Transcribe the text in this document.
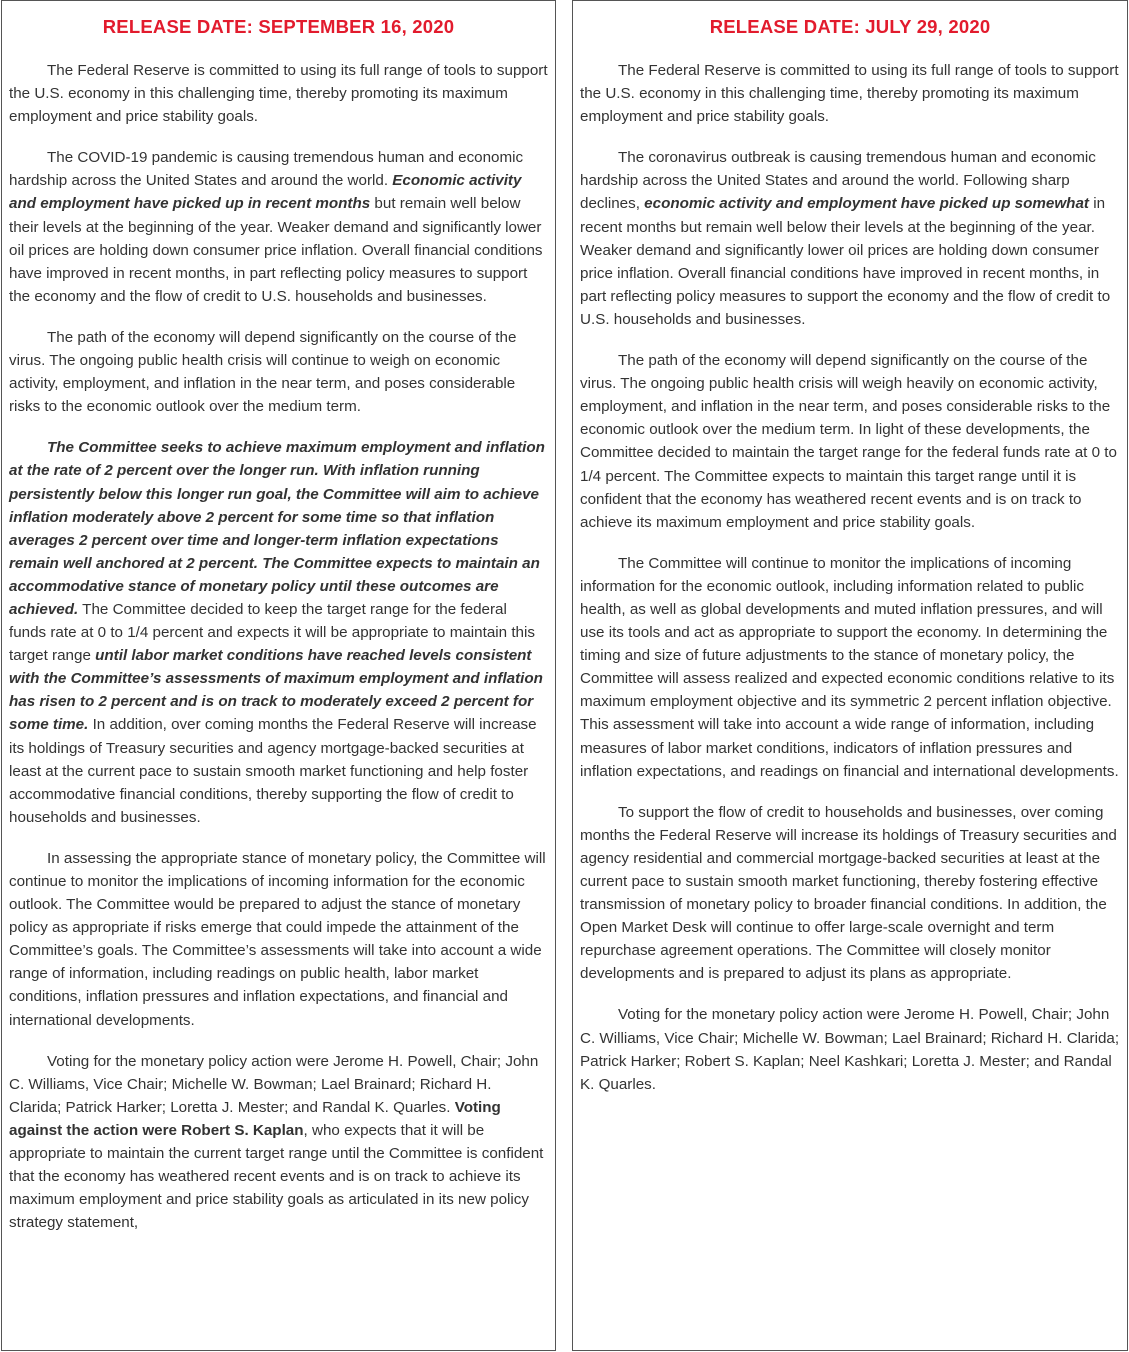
RELEASE DATE: SEPTEMBER 16, 2020

The Federal Reserve is committed to using its full range of tools to support the U.S. economy in this challenging time, thereby promoting its maximum employment and price stability goals.

The COVID-19 pandemic is causing tremendous human and economic hardship across the United States and around the world. Economic activity and employment have picked up in recent months but remain well below their levels at the beginning of the year. Weaker demand and significantly lower oil prices are holding down consumer price inflation. Overall financial conditions have improved in recent months, in part reflecting policy measures to support the economy and the flow of credit to U.S. households and businesses.

The path of the economy will depend significantly on the course of the virus. The ongoing public health crisis will continue to weigh on economic activity, employment, and inflation in the near term, and poses considerable risks to the economic outlook over the medium term.

The Committee seeks to achieve maximum employment and inflation at the rate of 2 percent over the longer run. With inflation running persistently below this longer run goal, the Committee will aim to achieve inflation moderately above 2 percent for some time so that inflation averages 2 percent over time and longer-term inflation expectations remain well anchored at 2 percent. The Committee expects to maintain an accommodative stance of monetary policy until these outcomes are achieved. The Committee decided to keep the target range for the federal funds rate at 0 to 1/4 percent and expects it will be appropriate to maintain this target range until labor market conditions have reached levels consistent with the Committee’s assessments of maximum employment and inflation has risen to 2 percent and is on track to moderately exceed 2 percent for some time. In addition, over coming months the Federal Reserve will increase its holdings of Treasury securities and agency mortgage-backed securities at least at the current pace to sustain smooth market functioning and help foster accommodative financial conditions, thereby supporting the flow of credit to households and businesses.

In assessing the appropriate stance of monetary policy, the Committee will continue to monitor the implications of incoming information for the economic outlook. The Committee would be prepared to adjust the stance of monetary policy as appropriate if risks emerge that could impede the attainment of the Committee’s goals. The Committee’s assessments will take into account a wide range of information, including readings on public health, labor market conditions, inflation pressures and inflation expectations, and financial and international developments.

Voting for the monetary policy action were Jerome H. Powell, Chair; John C. Williams, Vice Chair; Michelle W. Bowman; Lael Brainard; Richard H. Clarida; Patrick Harker; Loretta J. Mester; and Randal K. Quarles. Voting against the action were Robert S. Kaplan, who expects that it will be appropriate to maintain the current target range until the Committee is confident that the economy has weathered recent events and is on track to achieve its maximum employment and price stability goals as articulated in its new policy strategy statement,

RELEASE DATE: JULY 29, 2020

The Federal Reserve is committed to using its full range of tools to support the U.S. economy in this challenging time, thereby promoting its maximum employment and price stability goals.

The coronavirus outbreak is causing tremendous human and economic hardship across the United States and around the world. Following sharp declines, economic activity and employment have picked up somewhat in recent months but remain well below their levels at the beginning of the year. Weaker demand and significantly lower oil prices are holding down consumer price inflation. Overall financial conditions have improved in recent months, in part reflecting policy measures to support the economy and the flow of credit to U.S. households and businesses.

The path of the economy will depend significantly on the course of the virus. The ongoing public health crisis will weigh heavily on economic activity, employment, and inflation in the near term, and poses considerable risks to the economic outlook over the medium term. In light of these developments, the Committee decided to maintain the target range for the federal funds rate at 0 to 1/4 percent. The Committee expects to maintain this target range until it is confident that the economy has weathered recent events and is on track to achieve its maximum employment and price stability goals.

The Committee will continue to monitor the implications of incoming information for the economic outlook, including information related to public health, as well as global developments and muted inflation pressures, and will use its tools and act as appropriate to support the economy. In determining the timing and size of future adjustments to the stance of monetary policy, the Committee will assess realized and expected economic conditions relative to its maximum employment objective and its symmetric 2 percent inflation objective. This assessment will take into account a wide range of information, including measures of labor market conditions, indicators of inflation pressures and inflation expectations, and readings on financial and international developments.

To support the flow of credit to households and businesses, over coming months the Federal Reserve will increase its holdings of Treasury securities and agency residential and commercial mortgage-backed securities at least at the current pace to sustain smooth market functioning, thereby fostering effective transmission of monetary policy to broader financial conditions. In addition, the Open Market Desk will continue to offer large-scale overnight and term repurchase agreement operations. The Committee will closely monitor developments and is prepared to adjust its plans as appropriate.

Voting for the monetary policy action were Jerome H. Powell, Chair; John C. Williams, Vice Chair; Michelle W. Bowman; Lael Brainard; Richard H. Clarida; Patrick Harker; Robert S. Kaplan; Neel Kashkari; Loretta J. Mester; and Randal K. Quarles.
